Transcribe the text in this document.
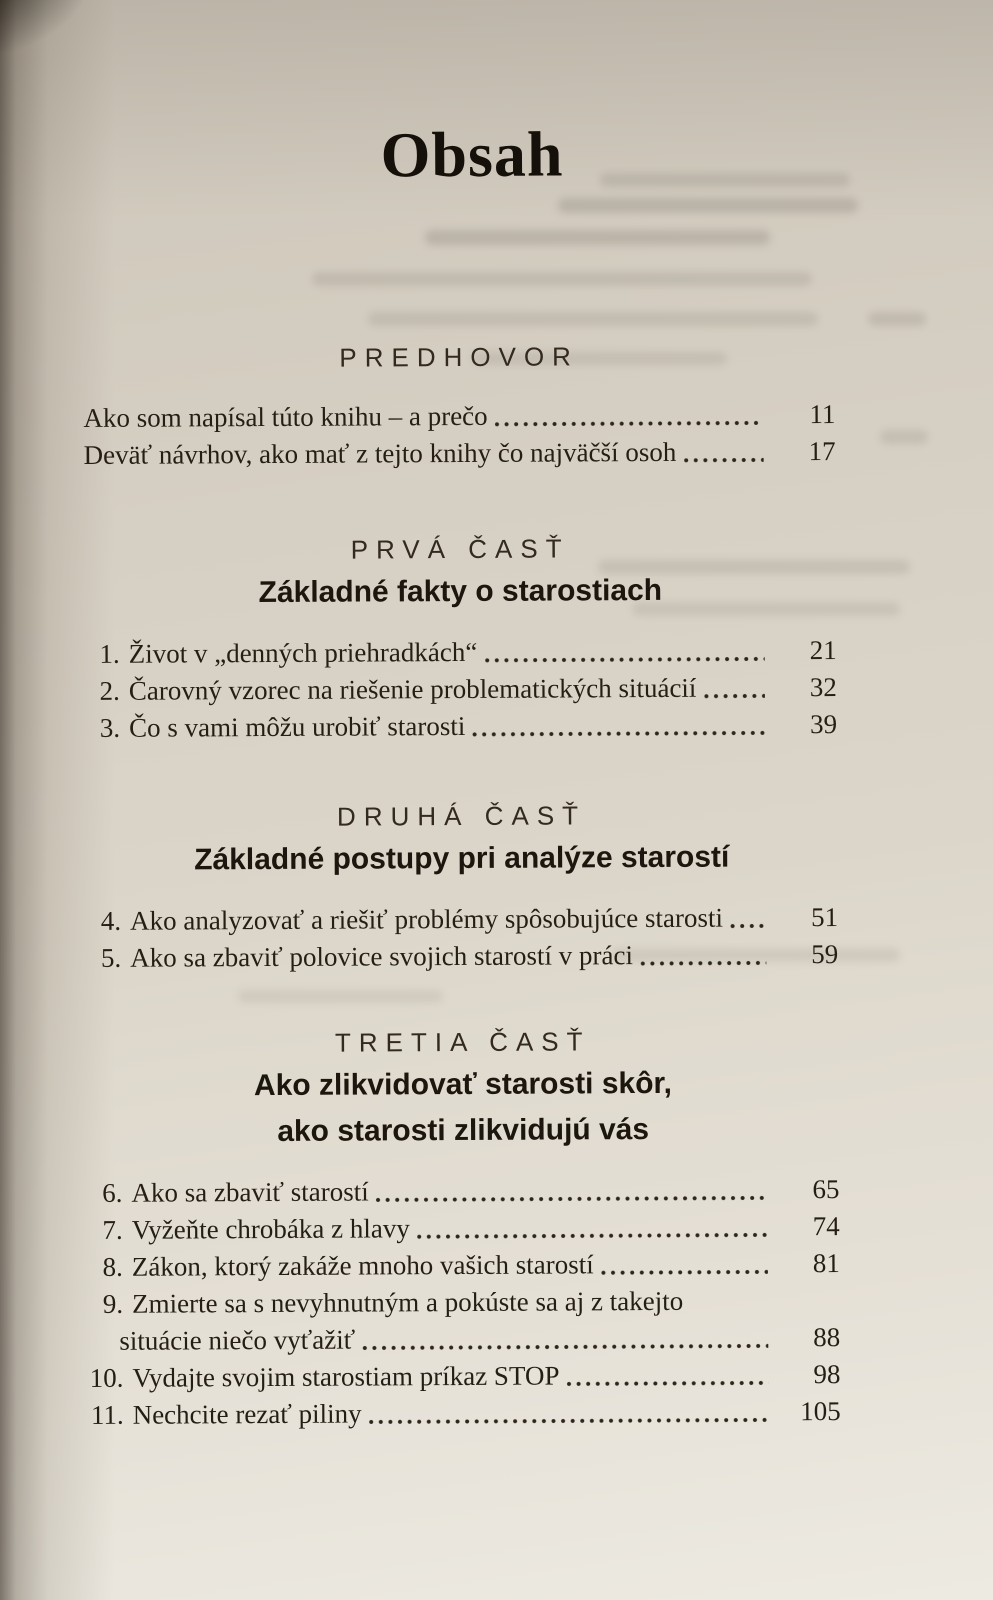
Obsah
PREDHOVOR
Ako som napísal túto knihu – a prečo	11
Deväť návrhov, ako mať z tejto knihy čo najväčší osoh	17
PRVÁ ČASŤ
Základné fakty o starostiach
1. Život v „denných priehradkách“	21
2. Čarovný vzorec na riešenie problematických situácií	32
3. Čo s vami môžu urobiť starosti	39
DRUHÁ ČASŤ
Základné postupy pri analýze starostí
4. Ako analyzovať a riešiť problémy spôsobujúce starosti	51
5. Ako sa zbaviť polovice svojich starostí v práci	59
TRETIA ČASŤ
Ako zlikvidovať starosti skôr,
ako starosti zlikvidujú vás
6. Ako sa zbaviť starostí	65
7. Vyžeňte chrobáka z hlavy	74
8. Zákon, ktorý zakáže mnoho vašich starostí	81
9. Zmierte sa s nevyhnutným a pokúste sa aj z takejto
situácie niečo vyťažiť	88
10. Vydajte svojim starostiam príkaz STOP	98
11. Nechcite rezať piliny	105
